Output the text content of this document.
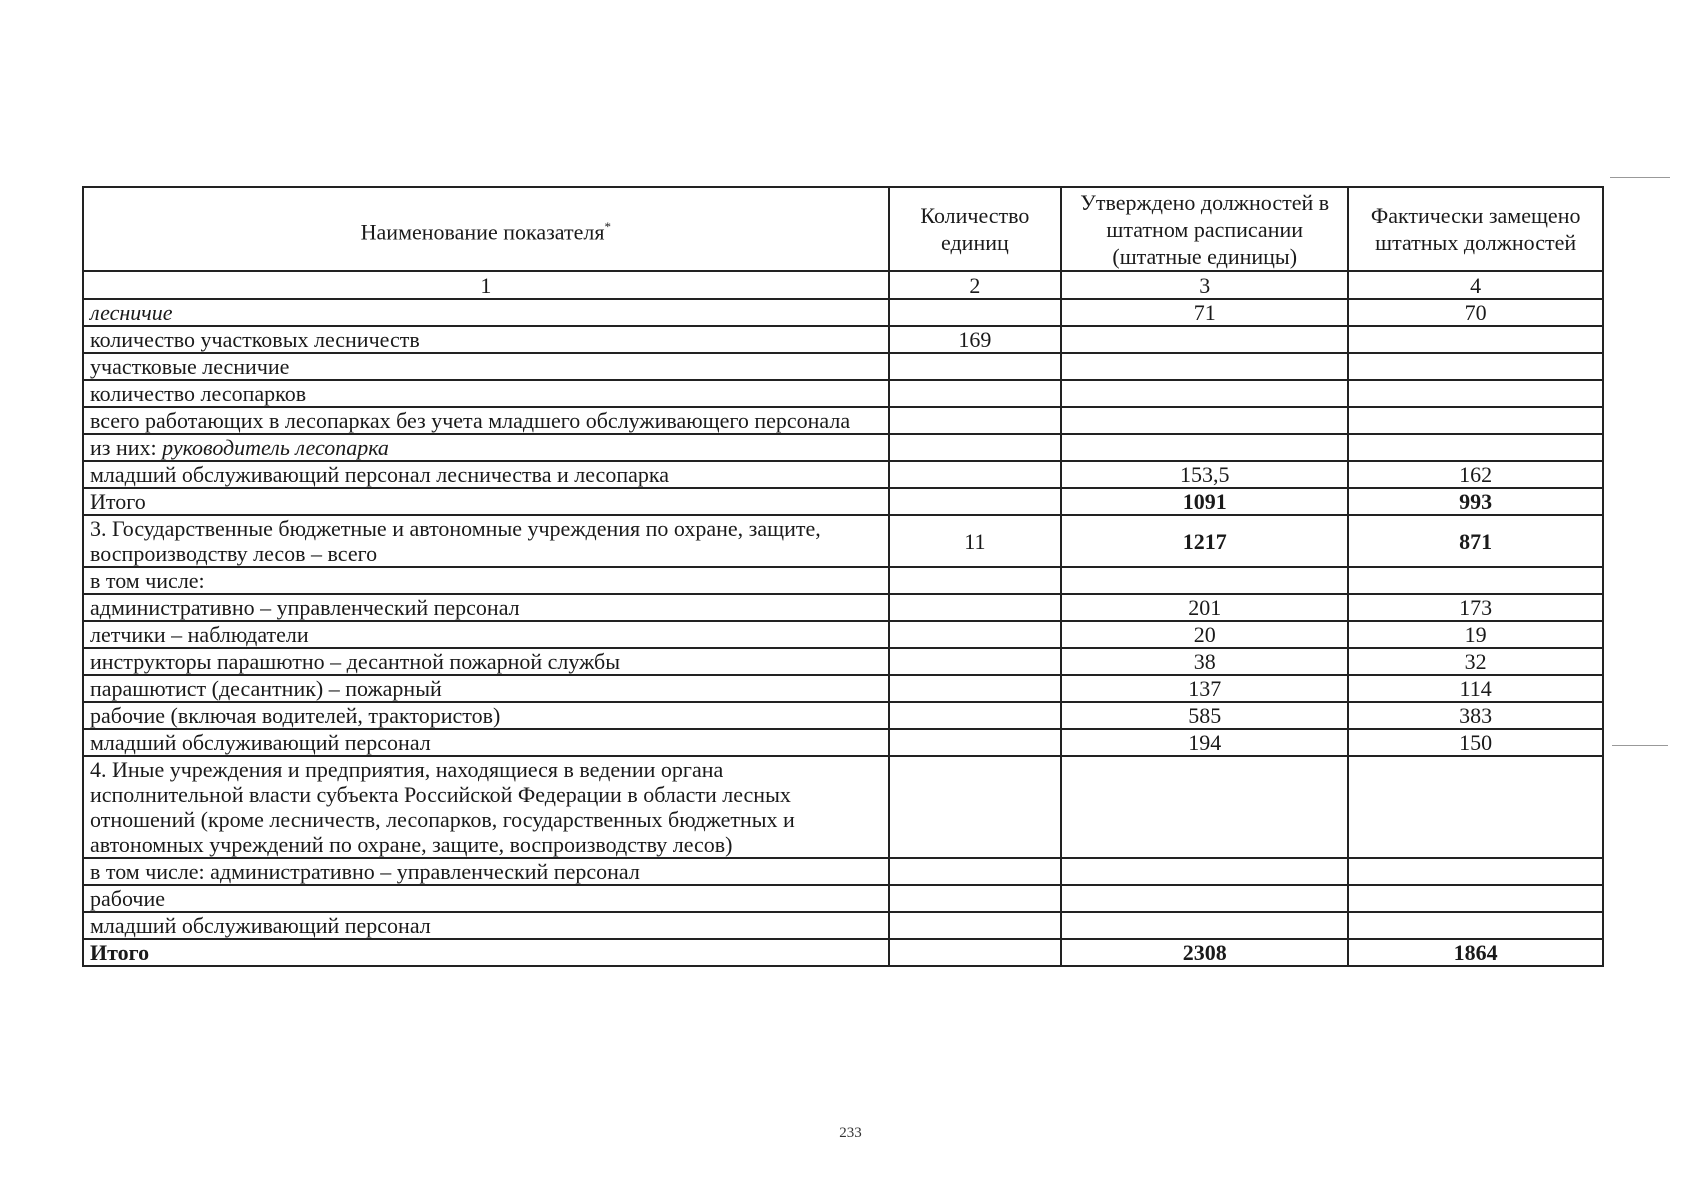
Наименование показателя*	Количество единиц	Утверждено должностей в штатном расписании (штатные единицы)	Фактически замещено штатных должностей
1	2	3	4
лесничие		71	70
количество участковых лесничеств	169		
участковые лесничие			
количество лесопарков			
всего работающих в лесопарках без учета младшего обслуживающего персонала			
из них: руководитель лесопарка			
младший обслуживающий персонал лесничества и лесопарка		153,5	162
Итого		1091	993
3. Государственные бюджетные и автономные учреждения по охране, защите, воспроизводству лесов – всего	11	1217	871
в том числе:			
административно – управленческий персонал		201	173
летчики – наблюдатели		20	19
инструкторы парашютно – десантной пожарной службы		38	32
парашютист (десантник) – пожарный		137	114
рабочие (включая водителей, трактористов)		585	383
младший обслуживающий персонал		194	150
4. Иные учреждения и предприятия, находящиеся в ведении органа исполнительной власти субъекта Российской Федерации в области лесных отношений (кроме лесничеств, лесопарков, государственных бюджетных и автономных учреждений по охране, защите, воспроизводству лесов)			
в том числе: административно – управленческий персонал			
рабочие			
младший обслуживающий персонал			
Итого		2308	1864
233
